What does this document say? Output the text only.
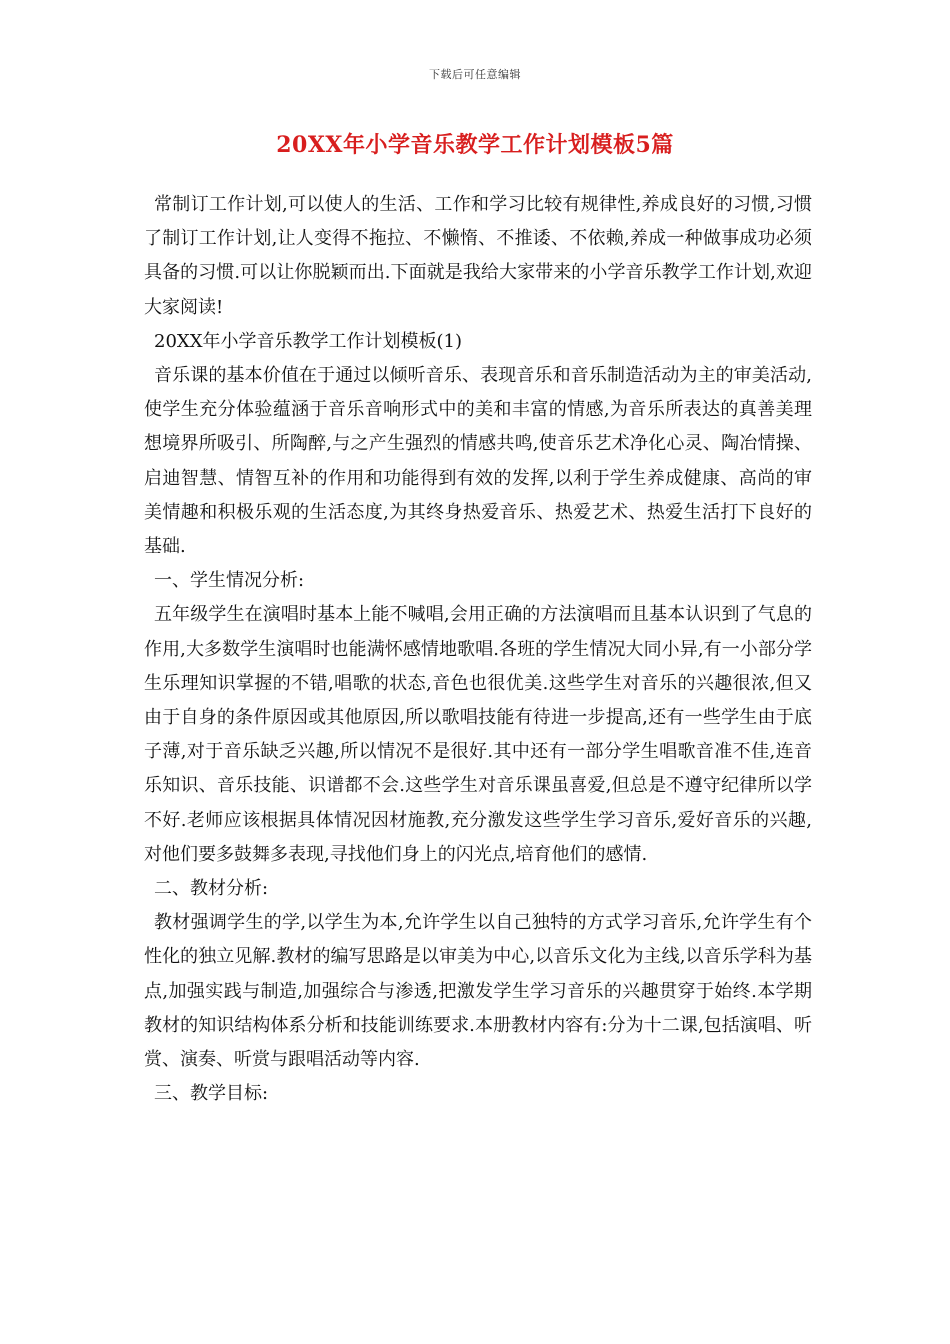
下载后可任意编辑
20XX年小学音乐教学工作计划模板5篇

常制订工作计划,可以使人的生活、工作和学习比较有规律性,养成良好的习惯,习惯了制订工作计划,让人变得不拖拉、不懒惰、不推诿、不依赖,养成一种做事成功必须具备的习惯.可以让你脱颖而出.下面就是我给大家带来的小学音乐教学工作计划,欢迎大家阅读!

20XX年小学音乐教学工作计划模板(1)

音乐课的基本价值在于通过以倾听音乐、表现音乐和音乐制造活动为主的审美活动,使学生充分体验蕴涵于音乐音响形式中的美和丰富的情感,为音乐所表达的真善美理想境界所吸引、所陶醉,与之产生强烈的情感共鸣,使音乐艺术净化心灵、陶冶情操、启迪智慧、情智互补的作用和功能得到有效的发挥,以利于学生养成健康、高尚的审美情趣和积极乐观的生活态度,为其终身热爱音乐、热爱艺术、热爱生活打下良好的基础.

一、学生情况分析:

五年级学生在演唱时基本上能不喊唱,会用正确的方法演唱而且基本认识到了气息的作用,大多数学生演唱时也能满怀感情地歌唱.各班的学生情况大同小异,有一小部分学生乐理知识掌握的不错,唱歌的状态,音色也很优美.这些学生对音乐的兴趣很浓,但又由于自身的条件原因或其他原因,所以歌唱技能有待进一步提高,还有一些学生由于底子薄,对于音乐缺乏兴趣,所以情况不是很好.其中还有一部分学生唱歌音准不佳,连音乐知识、音乐技能、识谱都不会.这些学生对音乐课虽喜爱,但总是不遵守纪律所以学不好.老师应该根据具体情况因材施教,充分激发这些学生学习音乐,爱好音乐的兴趣,对他们要多鼓舞多表现,寻找他们身上的闪光点,培育他们的感情.

二、教材分析:

教材强调学生的学,以学生为本,允许学生以自己独特的方式学习音乐,允许学生有个性化的独立见解.教材的编写思路是以审美为中心,以音乐文化为主线,以音乐学科为基点,加强实践与制造,加强综合与渗透,把激发学生学习音乐的兴趣贯穿于始终.本学期教材的知识结构体系分析和技能训练要求.本册教材内容有:分为十二课,包括演唱、听赏、演奏、听赏与跟唱活动等内容.

三、教学目标:
